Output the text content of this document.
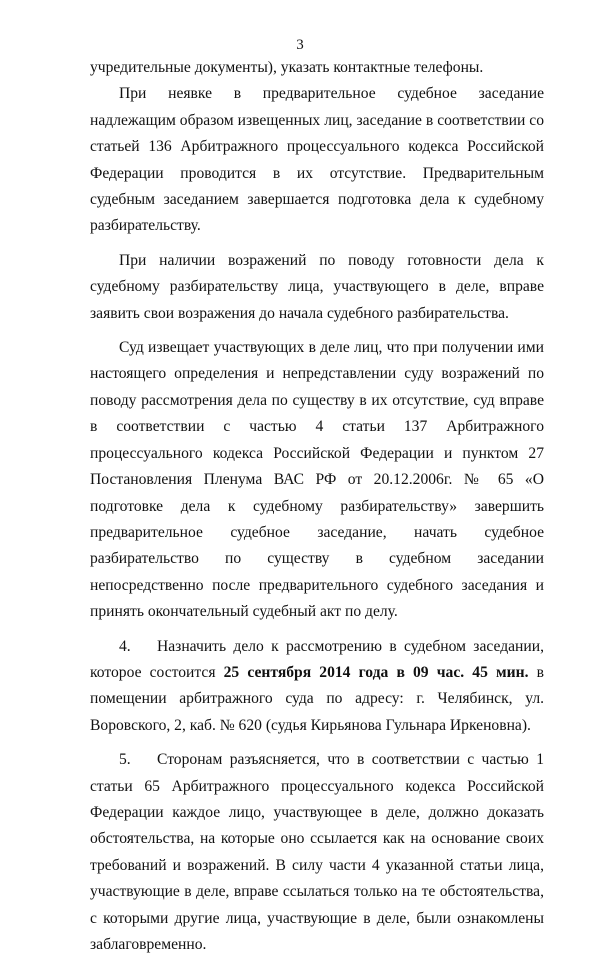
3

учредительные документы), указать контактные телефоны.

При неявке в предварительное судебное заседание надлежащим образом извещенных лиц, заседание в соответствии со статьей 136 Арбитражного процессуального кодекса Российской Федерации проводится в их отсутствие. Предварительным судебным заседанием завершается подготовка дела к судебному разбирательству.

При наличии возражений по поводу готовности дела к судебному разбирательству лица, участвующего в деле, вправе заявить свои возражения до начала судебного разбирательства.

Суд извещает участвующих в деле лиц, что при получении ими настоящего определения и непредставлении суду возражений по поводу рассмотрения дела по существу в их отсутствие, суд вправе в соответствии с частью 4 статьи 137 Арбитражного процессуального кодекса Российской Федерации и пунктом 27 Постановления Пленума ВАС РФ от 20.12.2006г. № 65 «О подготовке дела к судебному разбирательству» завершить предварительное судебное заседание, начать судебное разбирательство по существу в судебном заседании непосредственно после предварительного судебного заседания и принять окончательный судебный акт по делу.

4. Назначить дело к рассмотрению в судебном заседании, которое состоится 25 сентября 2014 года в 09 час. 45 мин. в помещении арбитражного суда по адресу: г. Челябинск, ул. Воровского, 2, каб. № 620 (судья Кирьянова Гульнара Иркеновна).

5. Сторонам разъясняется, что в соответствии с частью 1 статьи 65 Арбитражного процессуального кодекса Российской Федерации каждое лицо, участвующее в деле, должно доказать обстоятельства, на которые оно ссылается как на основание своих требований и возражений. В силу части 4 указанной статьи лица, участвующие в деле, вправе ссылаться только на те обстоятельства, с которыми другие лица, участвующие в деле, были ознакомлены заблаговременно.
